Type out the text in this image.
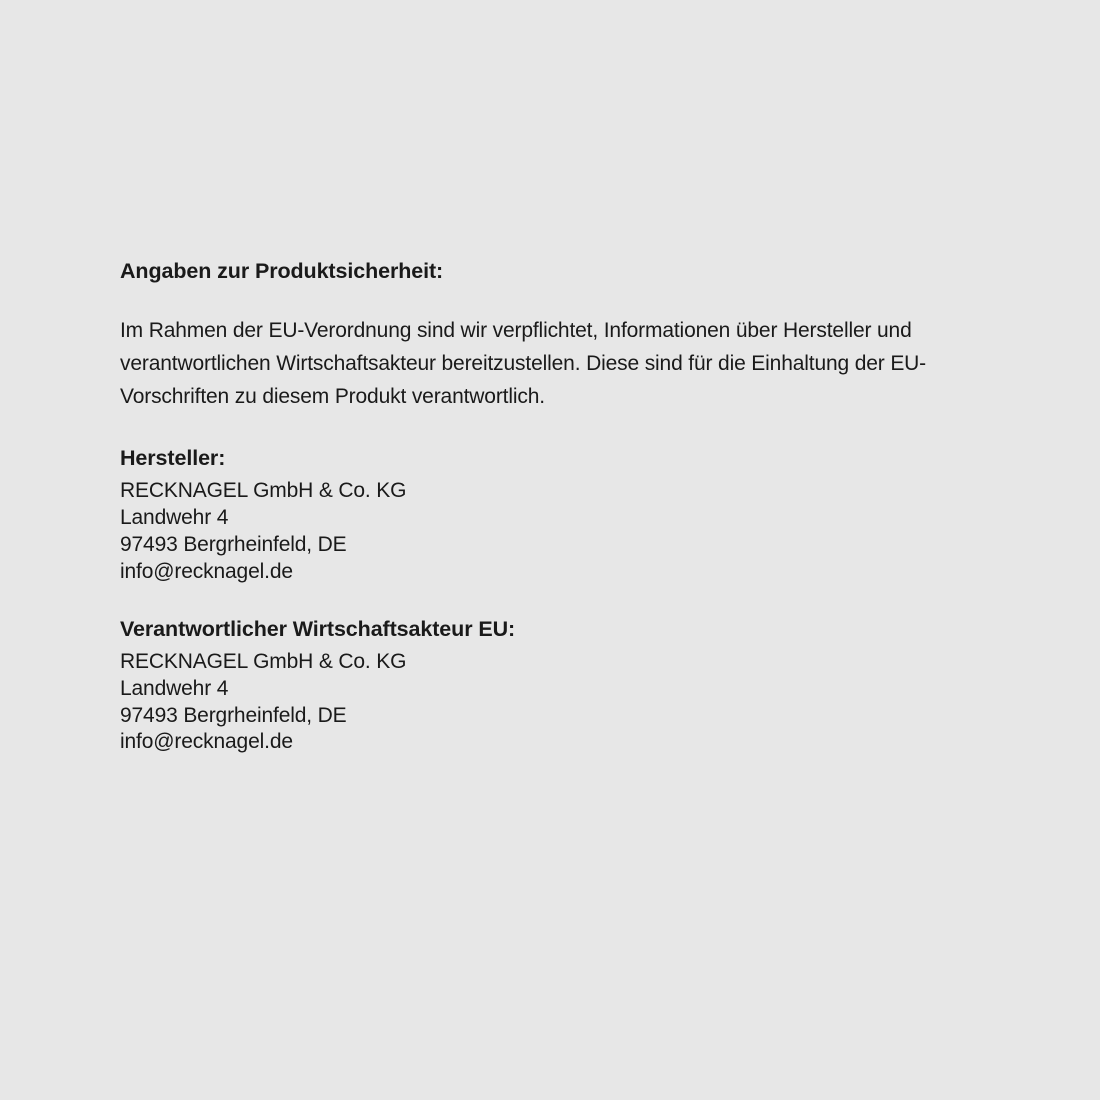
Angaben zur Produktsicherheit:

Im Rahmen der EU-Verordnung sind wir verpflichtet, Informationen über Hersteller und verantwortlichen Wirtschaftsakteur bereitzustellen. Diese sind für die Einhaltung der EU-Vorschriften zu diesem Produkt verantwortlich.

Hersteller:
RECKNAGEL GmbH & Co. KG
Landwehr 4
97493 Bergrheinfeld, DE
info@recknagel.de
Verantwortlicher Wirtschaftsakteur EU:
RECKNAGEL GmbH & Co. KG
Landwehr 4
97493 Bergrheinfeld, DE
info@recknagel.de
